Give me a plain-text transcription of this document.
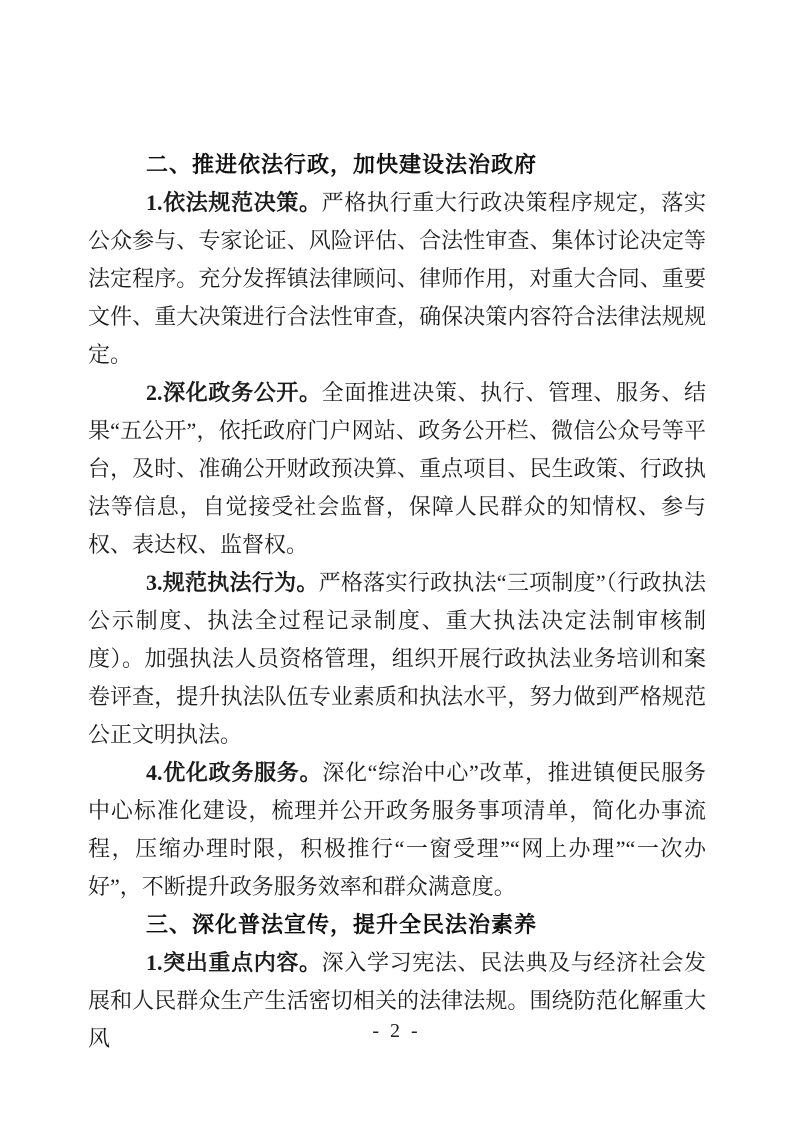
二、推进依法行政，加快建设法治政府

1.依法规范决策。严格执行重大行政决策程序规定，落实公众参与、专家论证、风险评估、合法性审查、集体讨论决定等法定程序。充分发挥镇法律顾问、律师作用，对重大合同、重要文件、重大决策进行合法性审查，确保决策内容符合法律法规规定。

2.深化政务公开。全面推进决策、执行、管理、服务、结果“五公开”，依托政府门户网站、政务公开栏、微信公众号等平台，及时、准确公开财政预决算、重点项目、民生政策、行政执法等信息，自觉接受社会监督，保障人民群众的知情权、参与权、表达权、监督权。

3.规范执法行为。严格落实行政执法“三项制度”（行政执法公示制度、执法全过程记录制度、重大执法决定法制审核制度）。加强执法人员资格管理，组织开展行政执法业务培训和案卷评查，提升执法队伍专业素质和执法水平，努力做到严格规范公正文明执法。

4.优化政务服务。深化“综治中心”改革，推进镇便民服务中心标准化建设，梳理并公开政务服务事项清单，简化办事流程，压缩办理时限，积极推行“一窗受理”“网上办理”“一次办好”，不断提升政务服务效率和群众满意度。

三、深化普法宣传，提升全民法治素养

1.突出重点内容。深入学习宪法、民法典及与经济社会发展和人民群众生产生活密切相关的法律法规。围绕防范化解重大风	- 2 -
